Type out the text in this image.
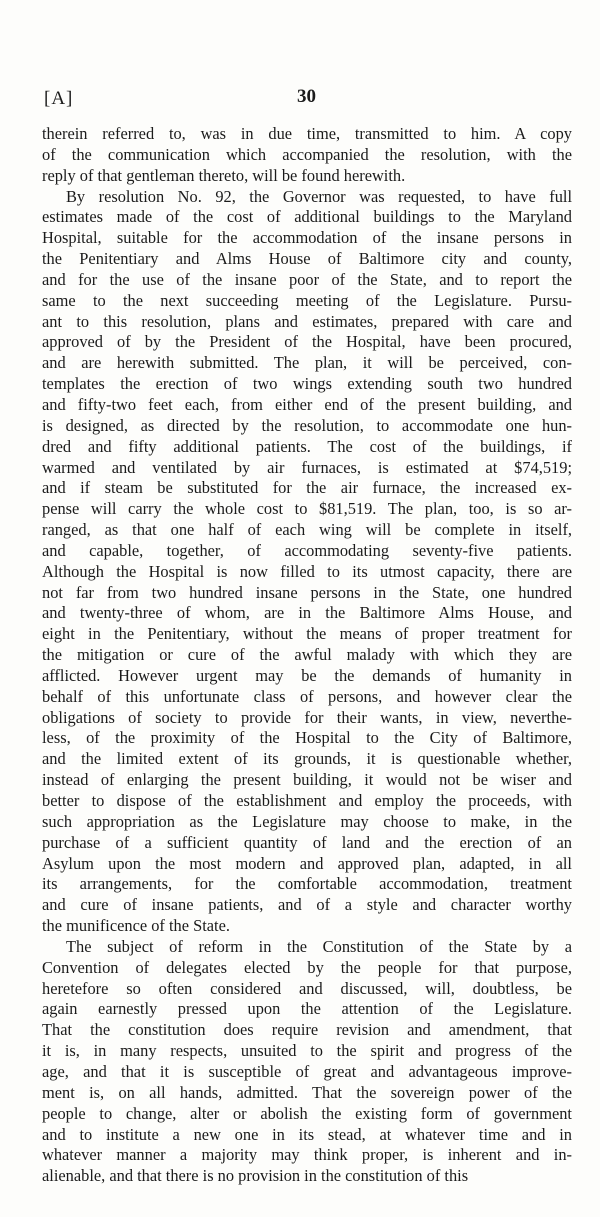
[A]	30

therein referred to, was in due time, transmitted to him. A copy
of the communication which accompanied the resolution, with the
reply of that gentleman thereto, will be found herewith.

By resolution No. 92, the Governor was requested, to have full
estimates made of the cost of additional buildings to the Maryland
Hospital, suitable for the accommodation of the insane persons in
the Penitentiary and Alms House of Baltimore city and county,
and for the use of the insane poor of the State, and to report the
same to the next succeeding meeting of the Legislature. Pursu-
ant to this resolution, plans and estimates, prepared with care and
approved of by the President of the Hospital, have been procured,
and are herewith submitted. The plan, it will be perceived, con-
templates the erection of two wings extending south two hundred
and fifty-two feet each, from either end of the present building, and
is designed, as directed by the resolution, to accommodate one hun-
dred and fifty additional patients. The cost of the buildings, if
warmed and ventilated by air furnaces, is estimated at $74,519;
and if steam be substituted for the air furnace, the increased ex-
pense will carry the whole cost to $81,519. The plan, too, is so ar-
ranged, as that one half of each wing will be complete in itself,
and capable, together, of accommodating seventy-five patients.
Although the Hospital is now filled to its utmost capacity, there are
not far from two hundred insane persons in the State, one hundred
and twenty-three of whom, are in the Baltimore Alms House, and
eight in the Penitentiary, without the means of proper treatment for
the mitigation or cure of the awful malady with which they are
afflicted. However urgent may be the demands of humanity in
behalf of this unfortunate class of persons, and however clear the
obligations of society to provide for their wants, in view, neverthe-
less, of the proximity of the Hospital to the City of Baltimore,
and the limited extent of its grounds, it is questionable whether,
instead of enlarging the present building, it would not be wiser and
better to dispose of the establishment and employ the proceeds, with
such appropriation as the Legislature may choose to make, in the
purchase of a sufficient quantity of land and the erection of an
Asylum upon the most modern and approved plan, adapted, in all
its arrangements, for the comfortable accommodation, treatment
and cure of insane patients, and of a style and character worthy
the munificence of the State.

The subject of reform in the Constitution of the State by a
Convention of delegates elected by the people for that purpose,
heretefore so often considered and discussed, will, doubtless, be
again earnestly pressed upon the attention of the Legislature.
That the constitution does require revision and amendment, that
it is, in many respects, unsuited to the spirit and progress of the
age, and that it is susceptible of great and advantageous improve-
ment is, on all hands, admitted. That the sovereign power of the
people to change, alter or abolish the existing form of government
and to institute a new one in its stead, at whatever time and in
whatever manner a majority may think proper, is inherent and in-
alienable, and that there is no provision in the constitution of this
